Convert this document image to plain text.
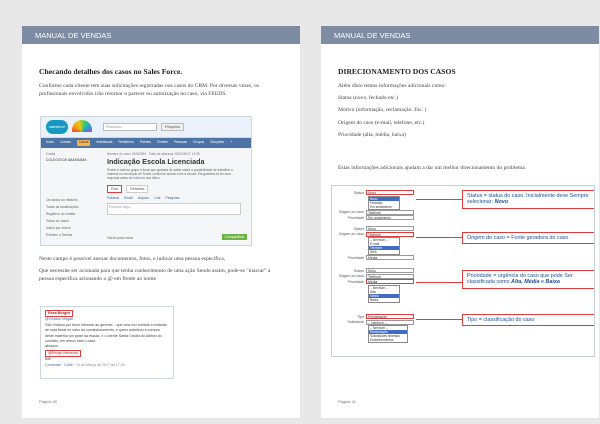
MANUAL DE VENDAS
Checando detalhes dos casos no Sales Force.

Conforme cada cliente tem suas solicitações registradas nos casos do CRM. Por diversas vezes, os profissionais envolvidos irão retornar o parecer ou autorização no caso, via FEEDS.

salesforce	Pesquisa...	Pesquisa
Início Contas	Casos	Individuais Relatórios Painéis Chatter Pessoas Grupos Soluções +
Conta
COLEGIO DE ABASSAMA
Os dados do relatório
Todas as atualizações
Registros do chatter
Todos os casos
Incluir por ordem
Eventos e Tarefas
Número do caso: 00342551 · Data de abertura: 02/02/2017 13:08
Indicação Escola Licenciada
Enviar e-mail ao grupo e focar que gostaria de saber sobre a possibilidade de trabalhar o material no município de Frutal, conforme acordo com a escola. Ela gostaria de ter uma resposta antes do início do ano letivo.
Post	Detalhes
Publicar Email Arquivo Link Pesquisa
Escrever algo...
Visível para: todos	Compartilhar

Neste campo é possível anexar documentos, fotos, e indicar uma pessoa específica,

Que necessite ser acionada para que tenha conhecimento de uma ação Sendo assim, pode-se "marcar" a pessoa específica acionando o @ em frente ao nome

Rosa Borges
@Vinicius Viegas
Olá! Vinicius por favor informar ao gerente... que uma vez emitida a emissão de nota fiscal no valor do comissionamento, e quem autorizou a compra deste material por parte da escola, é o cliente Santa Cecília do Aditivo do contrato, em anexo está o caso.
abraços
@Emilyn Menezes
Bell
Comentar · Curtir · 10 de Março de 2017 às 17:03
Página 40
MANUAL DE VENDAS
DIRECIONAMENTO DOS CASOS

Além disto temos informações adicionais como:

Status (novo, fechado etc.)

Motivo (informação, reclamação. Etc. )

Origem do caso (e-mail, telefone, etc.)

Prioridade (alta, média, baixa)

Estas informações adicionais ajudam a dar um melhor direcionamento do problema.

Status	Novo
Novo
Fechado
Em andamento
Origem do caso	Telefone
Prioridade	Em andamento
Status	Novo
Origem do caso	Telefone
-- Nenhum --
E-mail
Telefone
Web
Prioridade	Média
Status	Novo
Origem do caso	Telefone
Prioridade	Média
-- Nenhum --
Alta
Média
Baixa
Tipo	Reclamação
Solicitante	-- Nenhum --
-- Nenhum --
Reclamação
Solicitações diversas
Esclarecimentos
Status = status do caso. Inicialmente deve Sempre selecionar: Novo
Origem do caso = Fonte geradora do caso
Prioridade = urgência do caso que pode Ser classificada como Alta, Média e Baixa
Tipo = classificação do caso
Página 41
